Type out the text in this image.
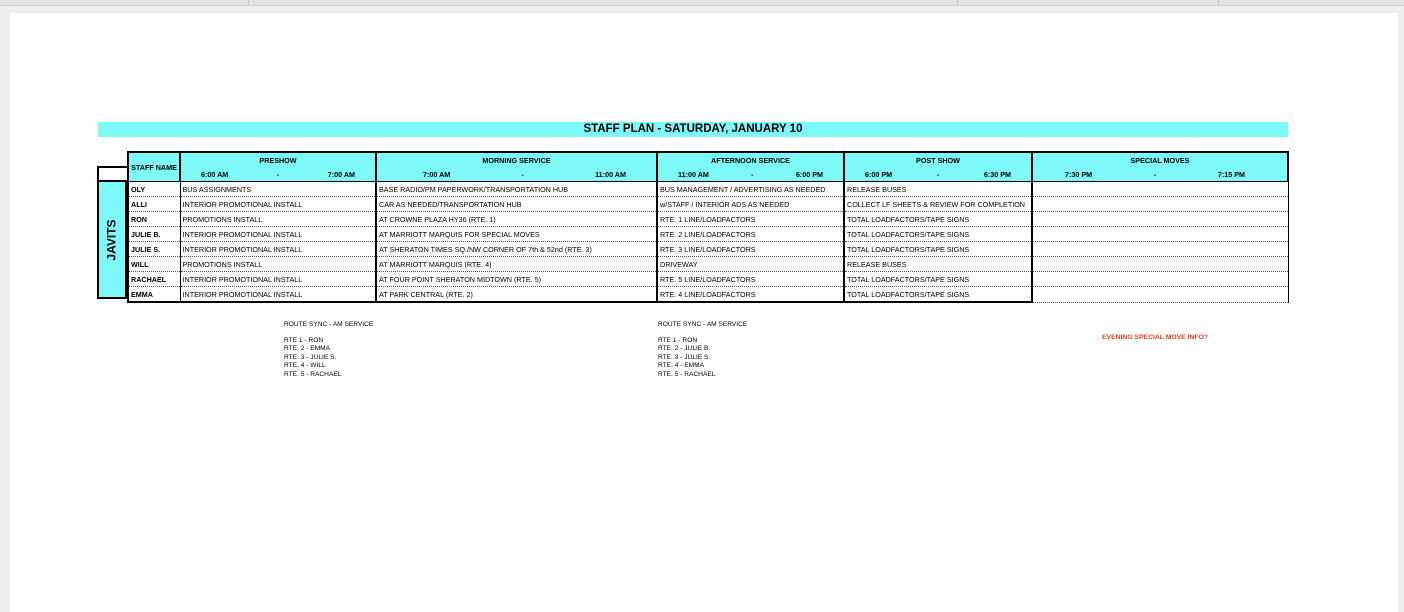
STAFF PLAN - SATURDAY, JANUARY 10
JAVITS
STAFF NAME	PRESHOW	MORNING SERVICE	AFTERNOON SERVICE	POST SHOW	SPECIAL MOVES

	6:00 AM - 7:00 AM	7:00 AM - 11:00 AM	11:00 AM - 6:00 PM	6:00 PM - 6:30 PM	7:30 PM - 7:15 PM

OLY	BUS ASSIGNMENTS	BASE RADIO/PM PAPERWORK/TRANSPORTATION HUB	BUS MANAGEMENT / ADVERTISING AS NEEDED	RELEASE BUSES	
ALLI	INTERIOR PROMOTIONAL INSTALL	CAR AS NEEDED/TRANSPORTATION HUB	w/STAFF / INTERIOR ADS AS NEEDED	COLLECT LF SHEETS & REVIEW FOR COMPLETION	
RON	PROMOTIONS INSTALL	AT CROWNE PLAZA HY36 (RTE. 1)	RTE. 1 LINE/LOADFACTORS	TOTAL LOADFACTORS/TAPE SIGNS	
JULIE B.	INTERIOR PROMOTIONAL INSTALL	AT MARRIOTT MARQUIS FOR SPECIAL MOVES	RTE. 2 LINE/LOADFACTORS	TOTAL LOADFACTORS/TAPE SIGNS	
JULIE S.	INTERIOR PROMOTIONAL INSTALL	AT SHERATON TIMES SQ./NW CORNER OF 7th & 52nd (RTE. 3)	RTE. 3 LINE/LOADFACTORS	TOTAL LOADFACTORS/TAPE SIGNS	
WILL	PROMOTIONS INSTALL	AT MARRIOTT MARQUIS (RTE. 4)	DRIVEWAY	RELEASE BUSES	
RACHAEL	INTERIOR PROMOTIONAL INSTALL	AT FOUR POINT SHERATON MIDTOWN (RTE. 5)	RTE. 5 LINE/LOADFACTORS	TOTAL LOADFACTORS/TAPE SIGNS	
EMMA	INTERIOR PROMOTIONAL INSTALL	AT PARK CENTRAL (RTE. 2)	RTE. 4 LINE/LOADFACTORS	TOTAL LOADFACTORS/TAPE SIGNS	
ROUTE SYNC - AM SERVICE
RTE 1 - RON
RTE. 2 - EMMA
RTE. 3 - JULIE S.
RTE. 4 - WILL
RTE. 5 - RACHAEL
ROUTE SYNC - AM SERVICE
RTE 1 - RON
RTE. 2 - JULIE B.
RTE. 3 - JULIE S.
RTE. 4 - EMMA
RTE. 5 - RACHAEL
EVENING SPECIAL MOVE INFO?
